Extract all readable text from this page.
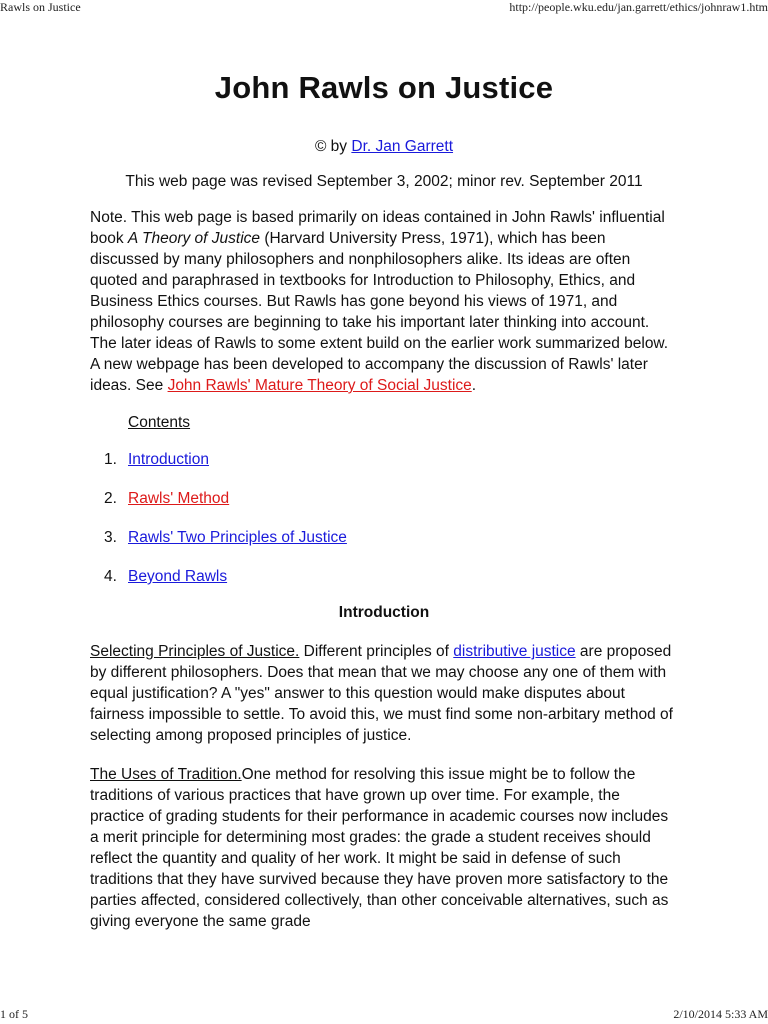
Rawls on Justice	http://people.wku.edu/jan.garrett/ethics/johnraw1.htm
John Rawls on Justice
© by Dr. Jan Garrett
This web page was revised September 3, 2002; minor rev. September 2011

Note. This web page is based primarily on ideas contained in John Rawls' influential book A Theory of Justice (Harvard University Press, 1971), which has been discussed by many philosophers and nonphilosophers alike. Its ideas are often quoted and paraphrased in textbooks for Introduction to Philosophy, Ethics, and Business Ethics courses. But Rawls has gone beyond his views of 1971, and philosophy courses are beginning to take his important later thinking into account. The later ideas of Rawls to some extent build on the earlier work summarized below. A new webpage has been developed to accompany the discussion of Rawls' later ideas. See John Rawls' Mature Theory of Social Justice.

Contents
1. Introduction
2. Rawls' Method
3. Rawls' Two Principles of Justice
4. Beyond Rawls
Introduction

Selecting Principles of Justice. Different principles of distributive justice are proposed by different philosophers. Does that mean that we may choose any one of them with equal justification? A "yes" answer to this question would make disputes about fairness impossible to settle. To avoid this, we must find some non-arbitary method of selecting among proposed principles of justice.

The Uses of Tradition.One method for resolving this issue might be to follow the traditions of various practices that have grown up over time. For example, the practice of grading students for their performance in academic courses now includes a merit principle for determining most grades: the grade a student receives should reflect the quantity and quality of her work. It might be said in defense of such traditions that they have survived because they have proven more satisfactory to the parties affected, considered collectively, than other conceivable alternatives, such as giving everyone the same grade

1 of 5	2/10/2014 5:33 AM
